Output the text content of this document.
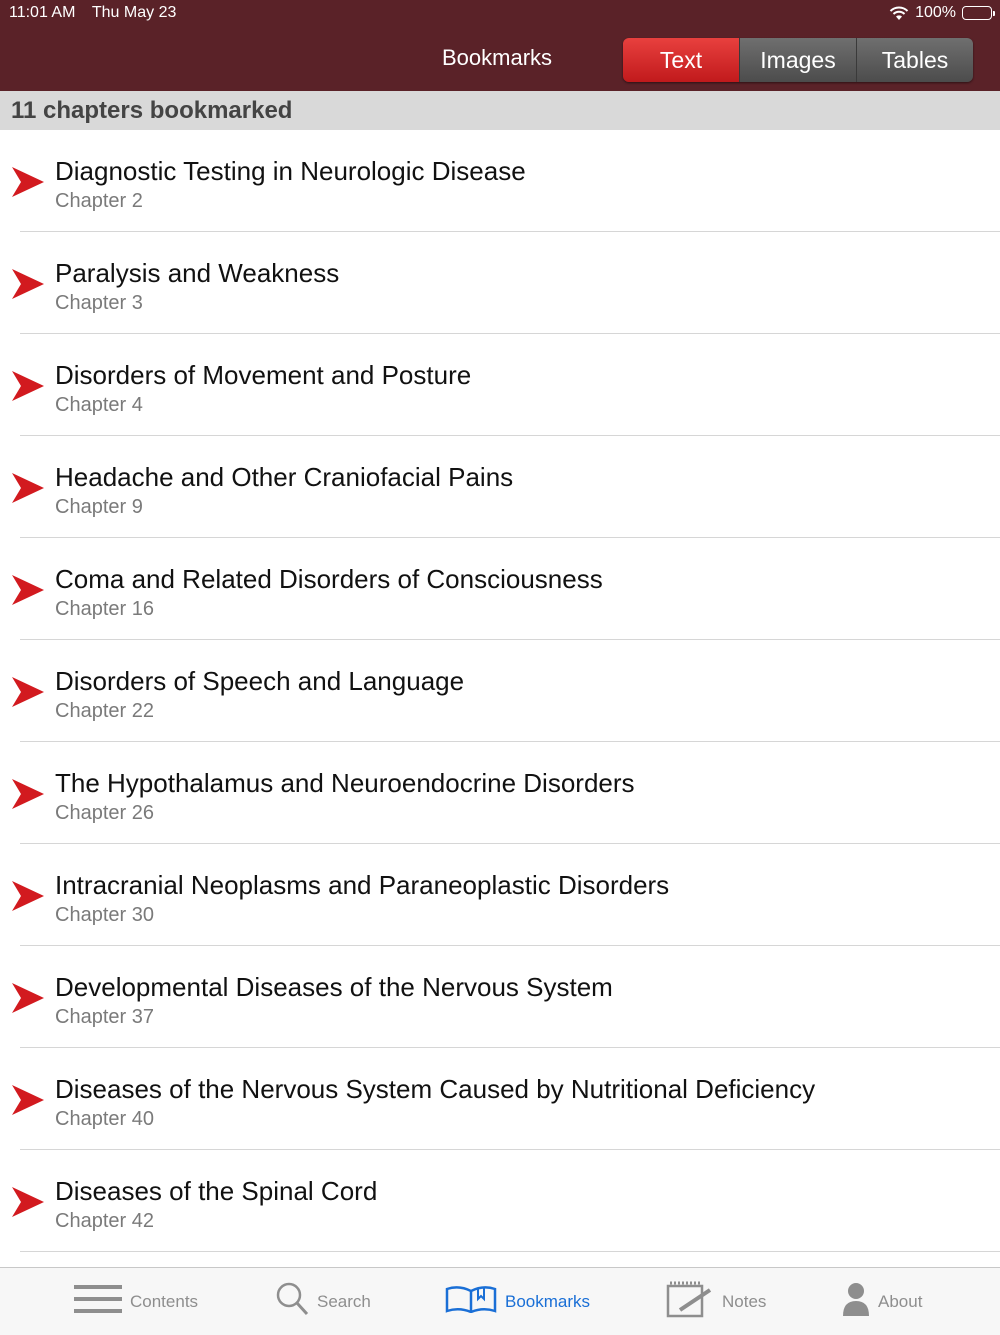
11:01 AM Thu May 23	100%
Bookmarks	Text	Images	Tables
11 chapters bookmarked
Diagnostic Testing in Neurologic Disease
Chapter 2
Paralysis and Weakness
Chapter 3
Disorders of Movement and Posture
Chapter 4
Headache and Other Craniofacial Pains
Chapter 9
Coma and Related Disorders of Consciousness
Chapter 16
Disorders of Speech and Language
Chapter 22
The Hypothalamus and Neuroendocrine Disorders
Chapter 26
Intracranial Neoplasms and Paraneoplastic Disorders
Chapter 30
Developmental Diseases of the Nervous System
Chapter 37
Diseases of the Nervous System Caused by Nutritional Deficiency
Chapter 40
Diseases of the Spinal Cord
Chapter 42
Contents	Search	Bookmarks	Notes	About
